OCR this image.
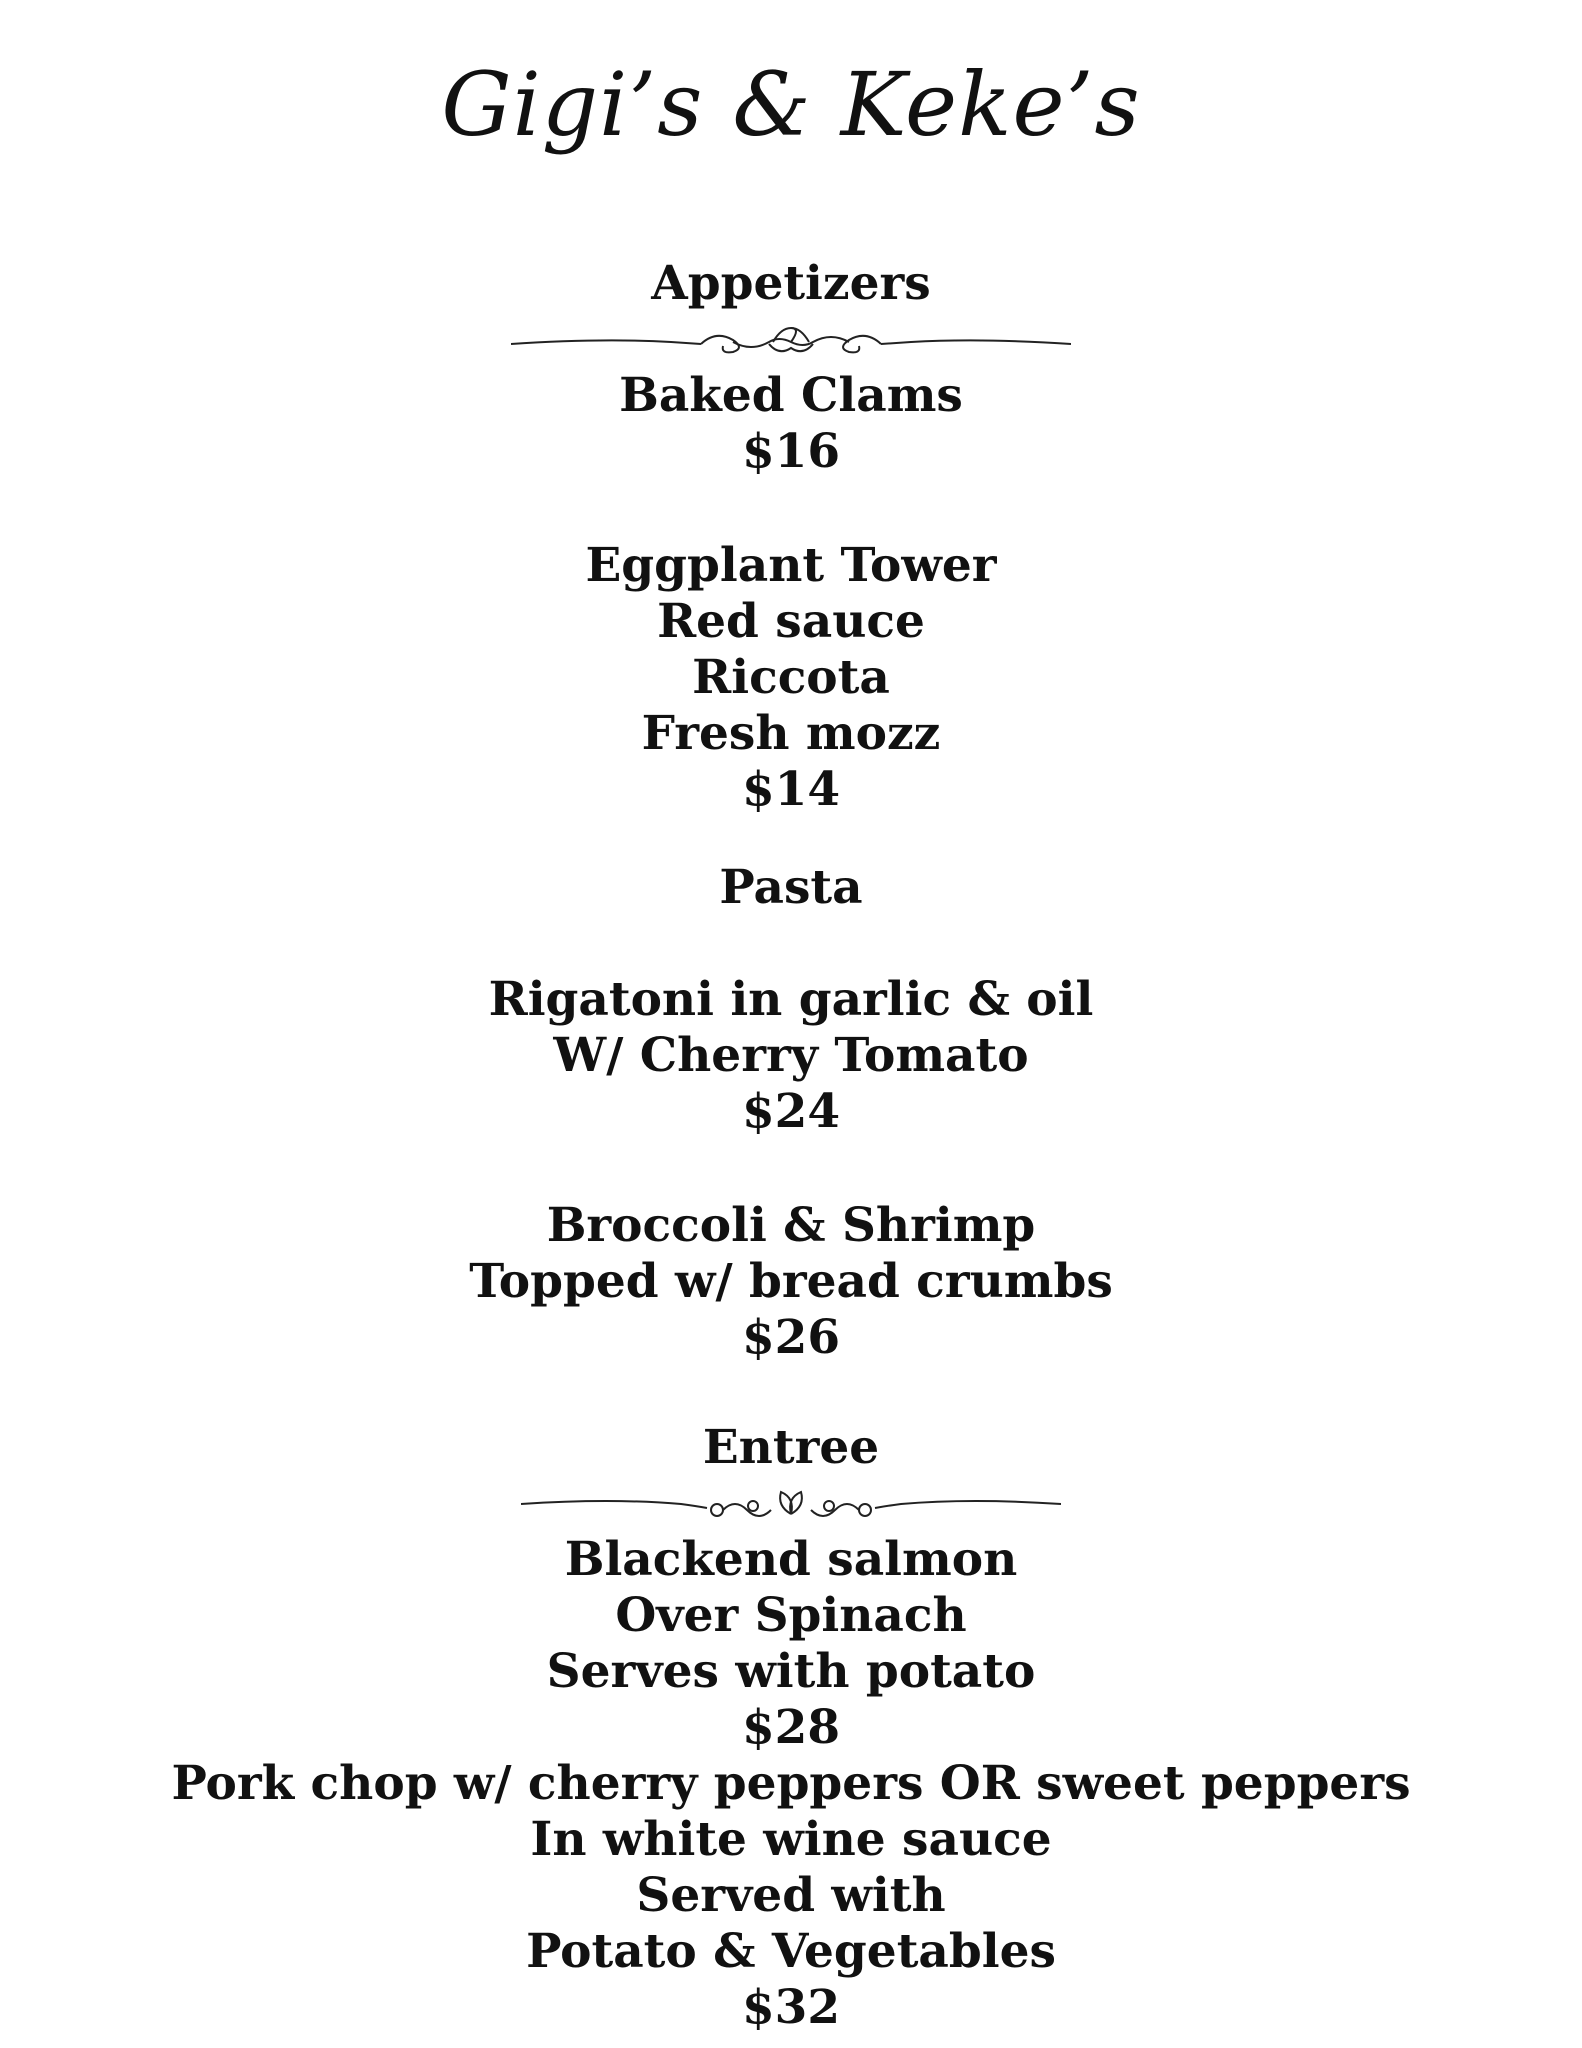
Gigi’s & Keke’s
Appetizers
Baked Clams
$16
Eggplant Tower
Red sauce
Riccota
Fresh mozz
$14
Pasta
Rigatoni in garlic & oil
W/ Cherry Tomato
$24
Broccoli & Shrimp
Topped w/ bread crumbs
$26
Entree
Blackend salmon
Over Spinach
Serves with potato
$28
Pork chop w/ cherry peppers OR sweet peppers
In white wine sauce
Served with
Potato & Vegetables
$32
